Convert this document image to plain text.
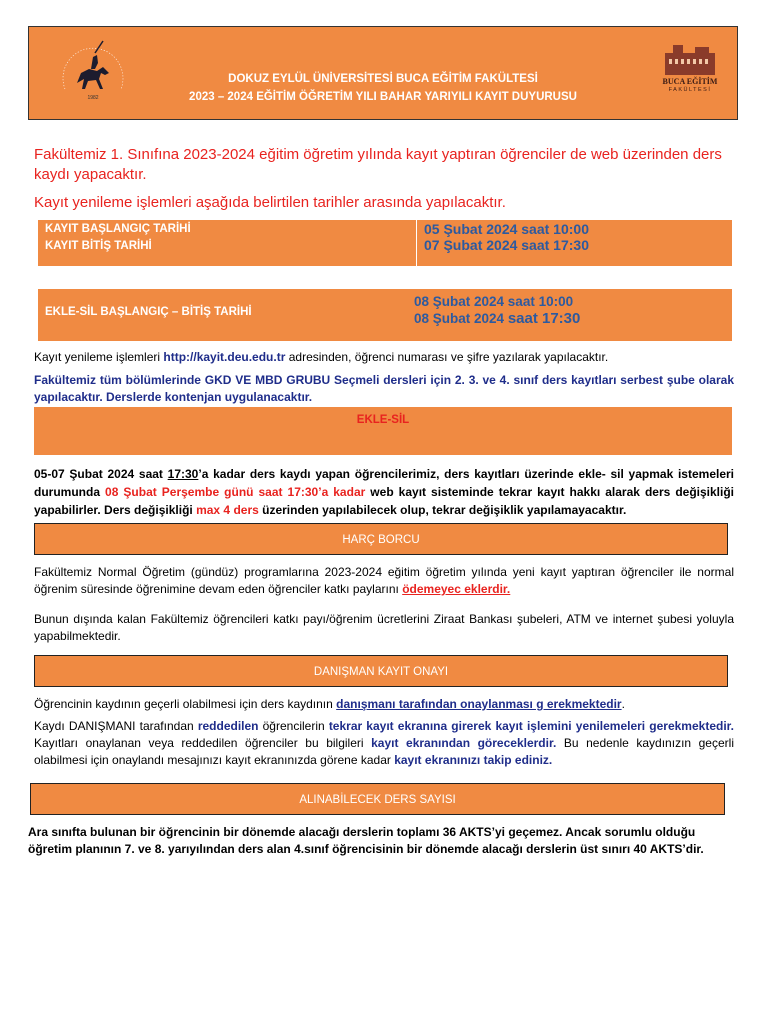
1982
DOKUZ EYLÜL ÜNİVERSİTESİ BUCA EĞİTİM FAKÜLTESİ
2023 – 2024 EĞİTİM ÖĞRETİM YILI BAHAR YARIYILI KAYIT DUYURUSU
BUCA EĞİTİM
FAKÜLTESİ
Fakültemiz 1. Sınıfına 2023-2024 eğitim öğretim yılında kayıt yaptıran öğrenciler de web üzerinden ders kaydı yapacaktır.
Kayıt yenileme işlemleri aşağıda belirtilen tarihler arasında yapılacaktır.
KAYIT BAŞLANGIÇ TARİHİ
KAYIT BİTİŞ TARİHİ
05 Şubat 2024 saat 10:00
07 Şubat 2024 saat 17:30
EKLE-SİL BAŞLANGIÇ – BİTİŞ TARİHİ
08 Şubat 2024 saat 10:00
08 Şubat 2024 saat 17:30
Kayıt yenileme işlemleri http://kayit.deu.edu.tr adresinden, öğrenci numarası ve şifre yazılarak yapılacaktır.
Fakültemiz tüm bölümlerinde GKD VE MBD GRUBU Seçmeli dersleri için 2. 3. ve 4. sınıf ders kayıtları serbest şube olarak yapılacaktır. Derslerde kontenjan uygulanacaktır.
EKLE-SİL
05-07 Şubat 2024 saat 17:30’a kadar ders kaydı yapan öğrencilerimiz, ders kayıtları üzerinde ekle- sil yapmak istemeleri durumunda 08 Şubat Perşembe günü saat 17:30’a kadar web kayıt sisteminde tekrar kayıt hakkı alarak ders değişikliği yapabilirler. Ders değişikliği max 4 ders üzerinden yapılabilecek olup, tekrar değişiklik yapılamayacaktır.
HARÇ BORCU
Fakültemiz Normal Öğretim (gündüz) programlarına 2023-2024 eğitim öğretim yılında yeni kayıt yaptıran öğrenciler ile normal öğrenim süresinde öğrenimine devam eden öğrenciler katkı paylarını ödemeyec eklerdir.
Bunun dışında kalan Fakültemiz öğrencileri katkı payı/öğrenim ücretlerini Ziraat Bankası şubeleri, ATM ve internet şubesi yoluyla yapabilmektedir.
DANIŞMAN KAYIT ONAYI
Öğrencinin kaydının geçerli olabilmesi için ders kaydının danışmanı tarafından onaylanması g erekmektedir.
Kaydı DANIŞMANI tarafından reddedilen öğrencilerin tekrar kayıt ekranına girerek kayıt işlemini yenilemeleri gerekmektedir. Kayıtları onaylanan veya reddedilen öğrenciler bu bilgileri kayıt ekranından göreceklerdir. Bu nedenle kaydınızın geçerli olabilmesi için onaylandı mesajınızı kayıt ekranınızda görene kadar kayıt ekranınızı takip ediniz.
ALINABİLECEK DERS SAYISI
Ara sınıfta bulunan bir öğrencinin bir dönemde alacağı derslerin toplamı 36 AKTS’yi geçemez. Ancak sorumlu olduğu öğretim planının 7. ve 8. yarıyılından ders alan 4.sınıf öğrencisinin bir dönemde alacağı derslerin üst sınırı 40 AKTS’dir.
